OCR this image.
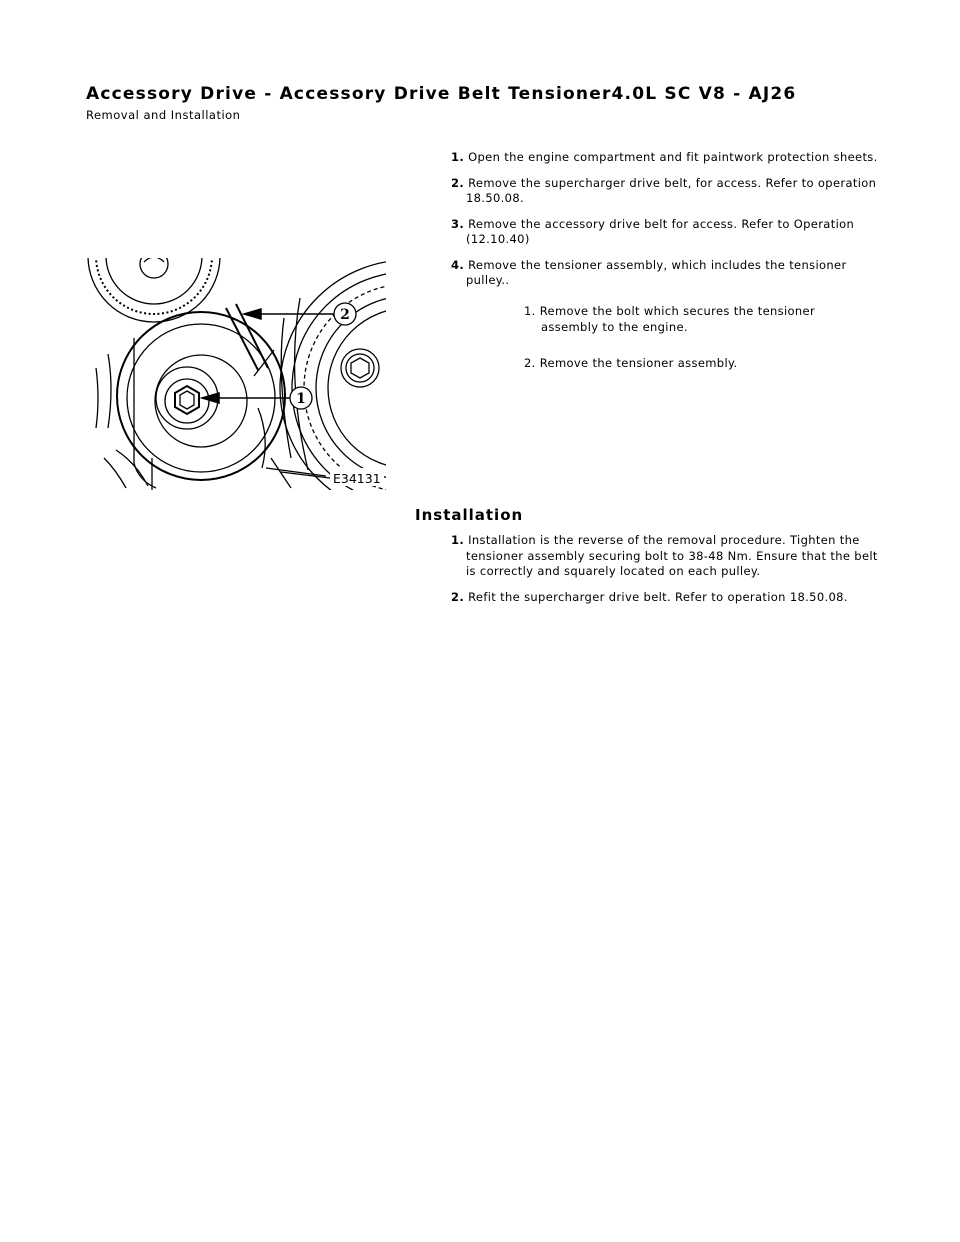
Accessory Drive - Accessory Drive Belt Tensioner4.0L SC V8 - AJ26

Removal and Installation

1. Open the engine compartment and fit paintwork protection sheets.

2. Remove the supercharger drive belt, for access. Refer to operation 18.50.08.

3. Remove the accessory drive belt for access. Refer to Operation (12.10.40)

4. Remove the tensioner assembly, which includes the tensioner pulley..

1. Remove the bolt which secures the tensioner assembly to the engine.

2. Remove the tensioner assembly.

2
1
E34131
Installation

1. Installation is the reverse of the removal procedure. Tighten the tensioner assembly securing bolt to 38-48 Nm. Ensure that the belt is correctly and squarely located on each pulley.

2. Refit the supercharger drive belt. Refer to operation 18.50.08.
